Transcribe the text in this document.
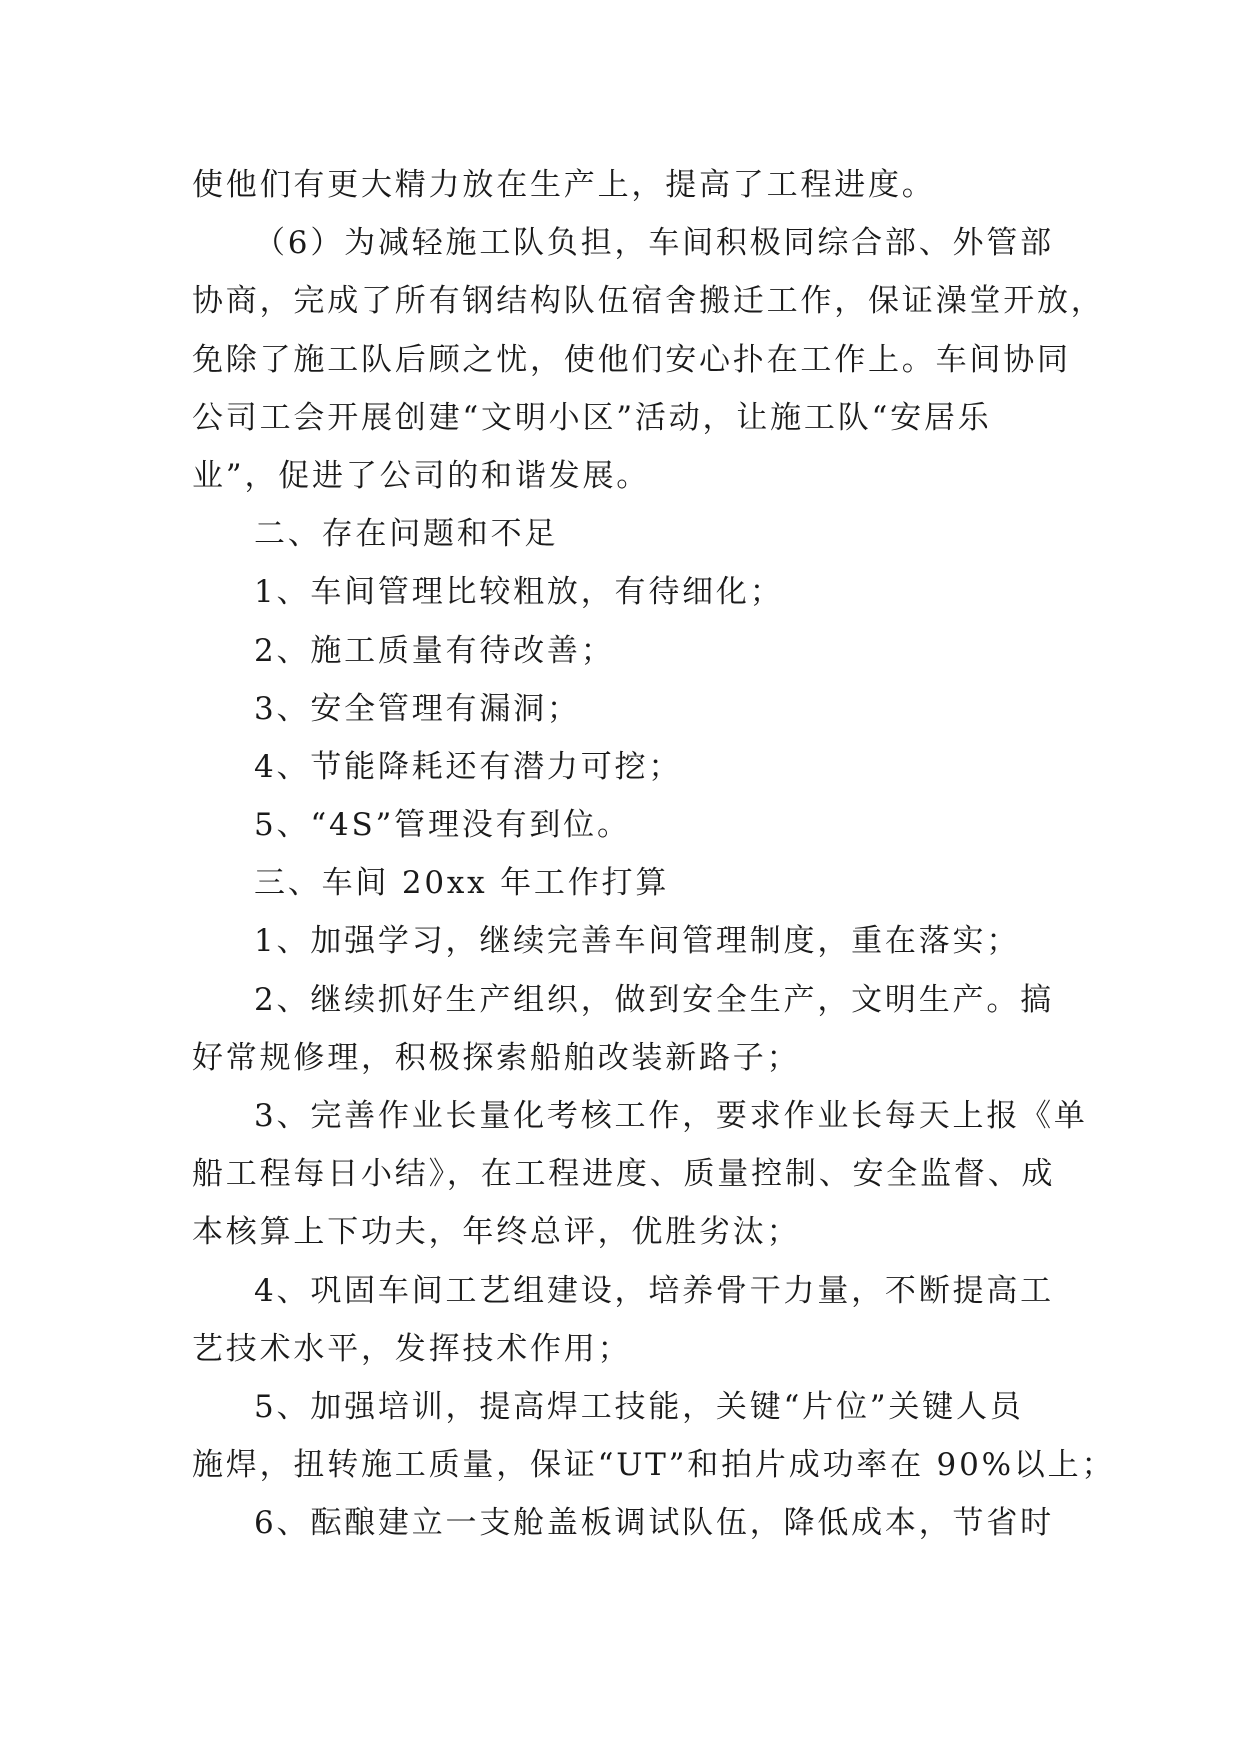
使他们有更大精力放在生产上，提高了工程进度。
（6）为减轻施工队负担，车间积极同综合部、外管部
协商，完成了所有钢结构队伍宿舍搬迁工作，保证澡堂开放，
免除了施工队后顾之忧，使他们安心扑在工作上。车间协同
公司工会开展创建“文明小区”活动，让施工队“安居乐
业”，促进了公司的和谐发展。
二、存在问题和不足
1、车间管理比较粗放，有待细化；
2、施工质量有待改善；
3、安全管理有漏洞；
4、节能降耗还有潜力可挖；
5、“4S”管理没有到位。
三、车间 20xx 年工作打算
1、加强学习，继续完善车间管理制度，重在落实；
2、继续抓好生产组织，做到安全生产，文明生产。搞
好常规修理，积极探索船舶改装新路子；
3、完善作业长量化考核工作，要求作业长每天上报《单
船工程每日小结》，在工程进度、质量控制、安全监督、成
本核算上下功夫，年终总评，优胜劣汰；
4、巩固车间工艺组建设，培养骨干力量，不断提高工
艺技术水平，发挥技术作用；
5、加强培训，提高焊工技能，关键“片位”关键人员
施焊，扭转施工质量，保证“UT”和拍片成功率在 90%以上；
6、酝酿建立一支舱盖板调试队伍，降低成本，节省时
